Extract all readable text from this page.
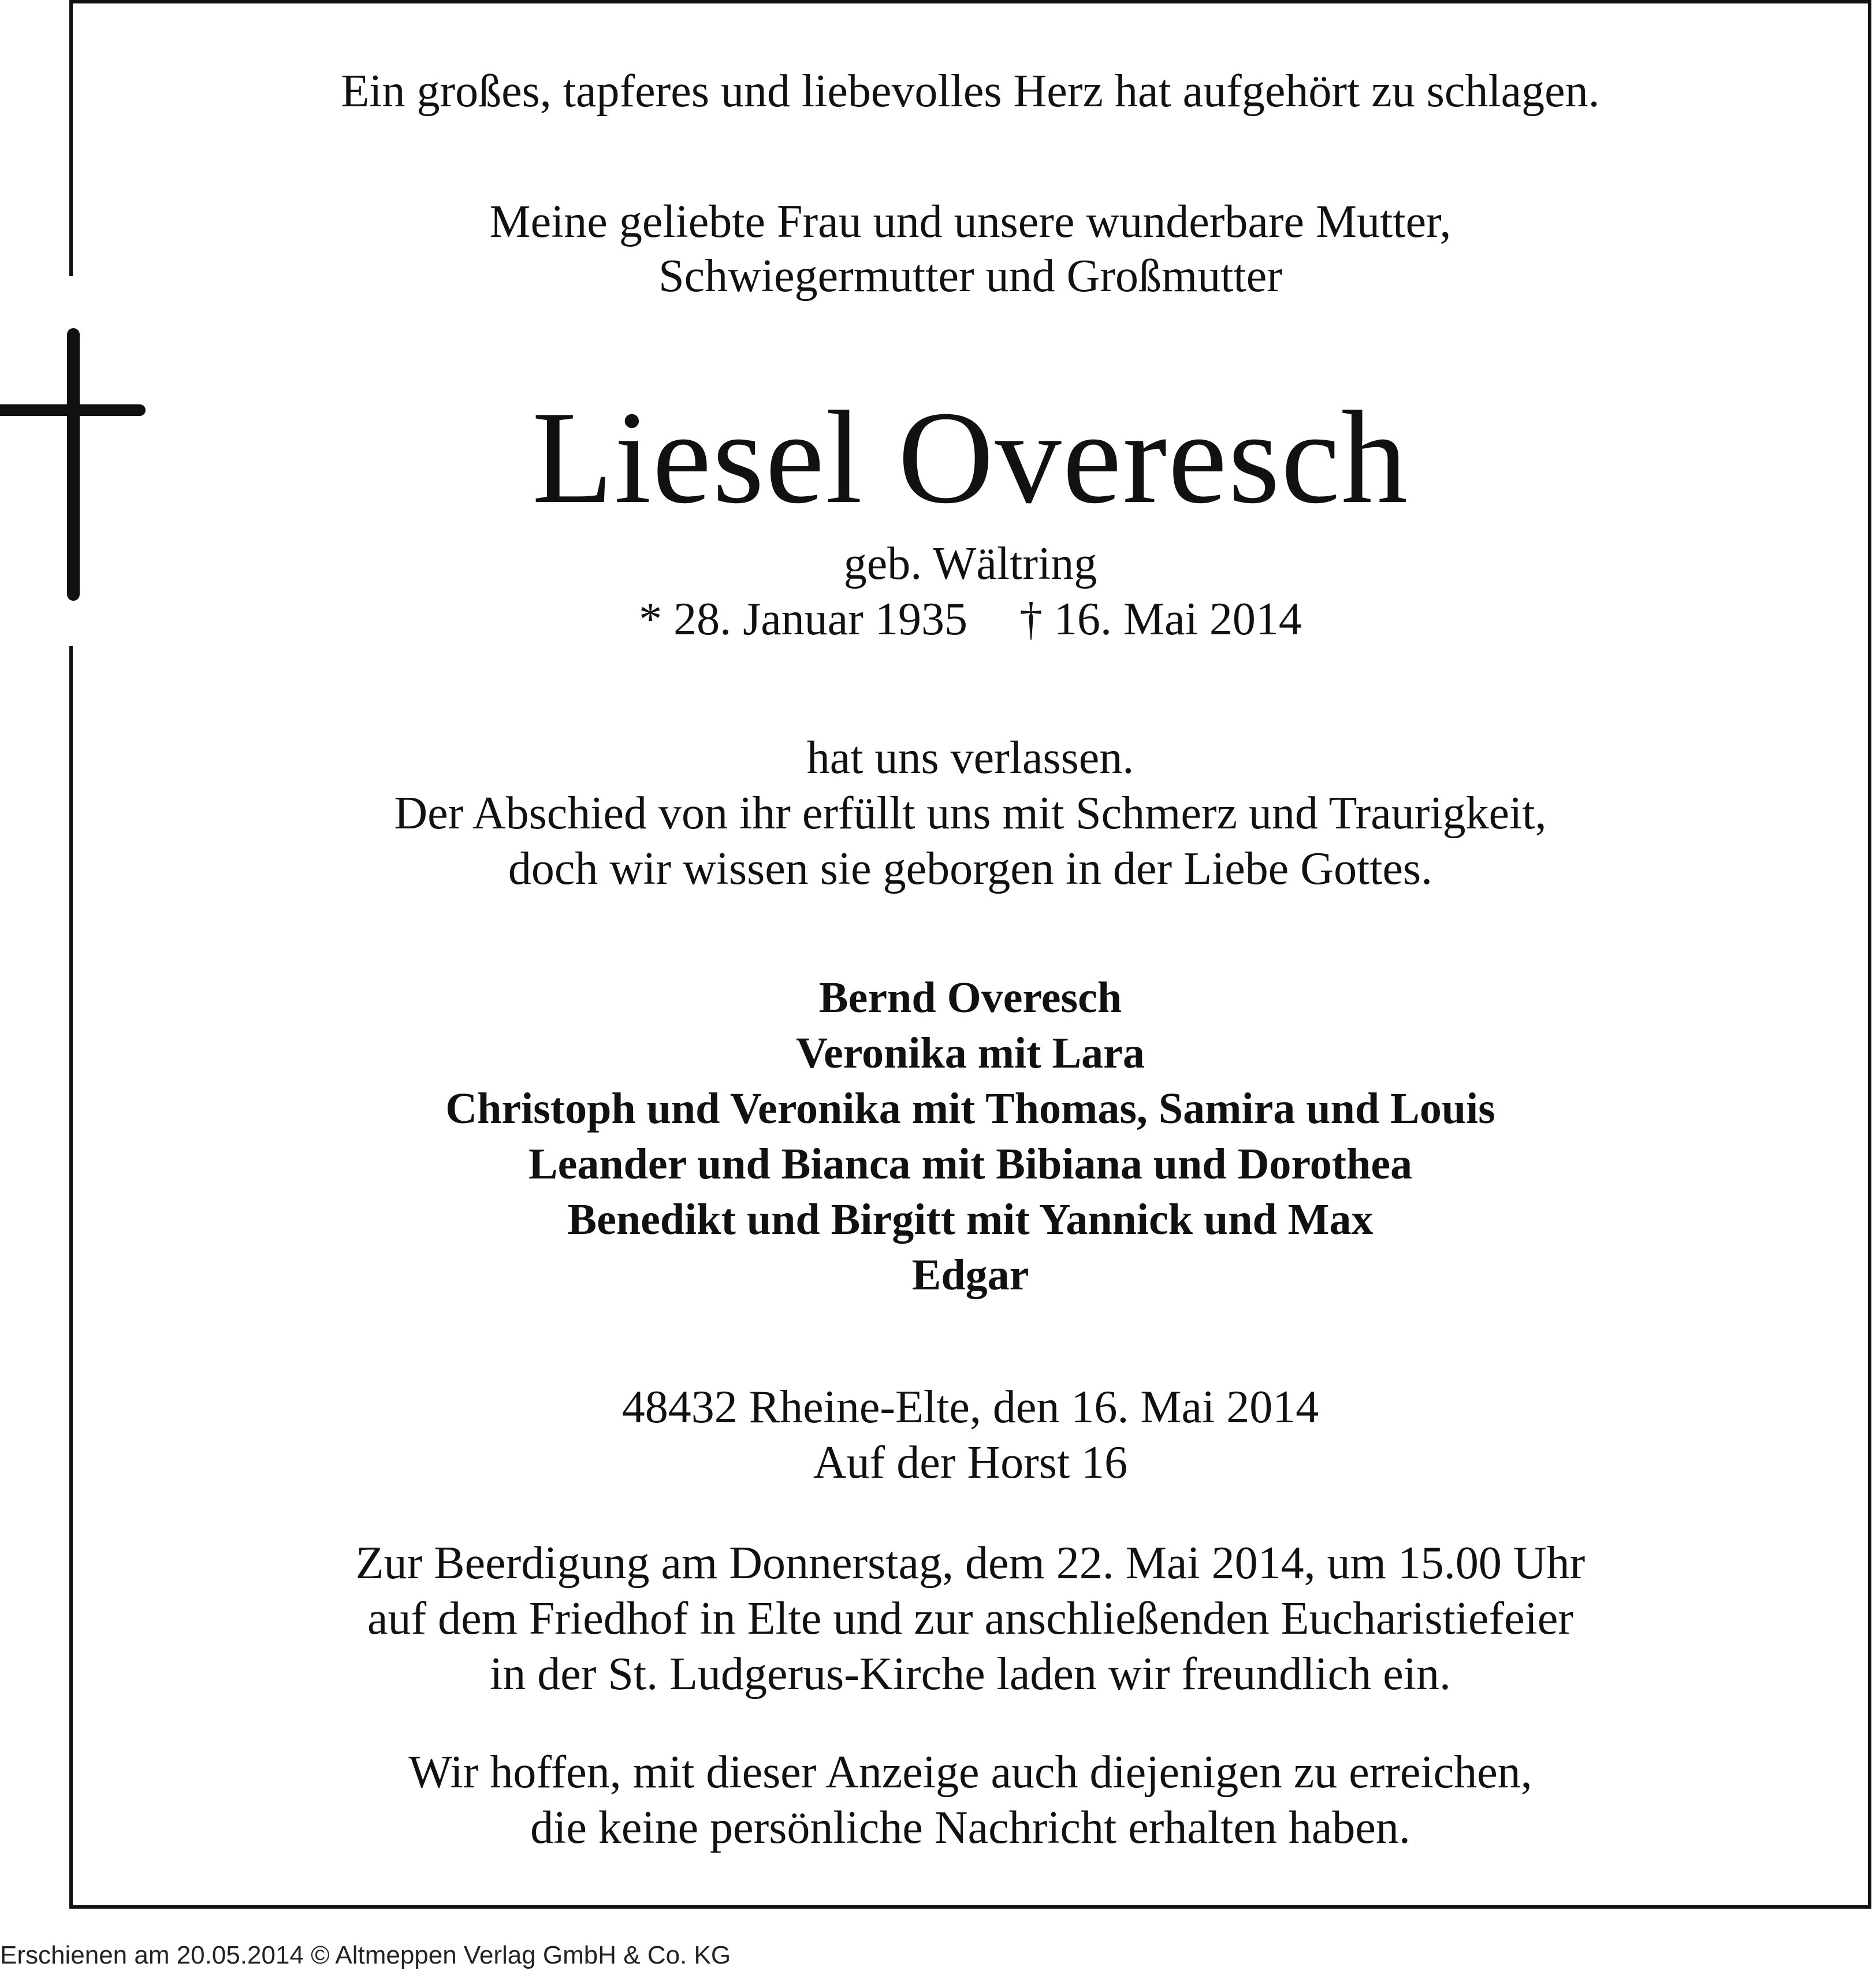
Ein großes, tapferes und liebevolles Herz hat aufgehört zu schlagen.
Meine geliebte Frau und unsere wunderbare Mutter,
Schwiegermutter und Großmutter
Liesel Overesch
geb. Wältring
* 28. Januar 1935 † 16. Mai 2014
hat uns verlassen.
Der Abschied von ihr erfüllt uns mit Schmerz und Traurigkeit,
doch wir wissen sie geborgen in der Liebe Gottes.
Bernd Overesch
Veronika mit Lara
Christoph und Veronika mit Thomas, Samira und Louis
Leander und Bianca mit Bibiana und Dorothea
Benedikt und Birgitt mit Yannick und Max
Edgar
48432 Rheine-Elte, den 16. Mai 2014
Auf der Horst 16
Zur Beerdigung am Donnerstag, dem 22. Mai 2014, um 15.00 Uhr
auf dem Friedhof in Elte und zur anschließenden Eucharistiefeier
in der St. Ludgerus-Kirche laden wir freundlich ein.
Wir hoffen, mit dieser Anzeige auch diejenigen zu erreichen,
die keine persönliche Nachricht erhalten haben.
Erschienen am 20.05.2014 © Altmeppen Verlag GmbH & Co. KG
